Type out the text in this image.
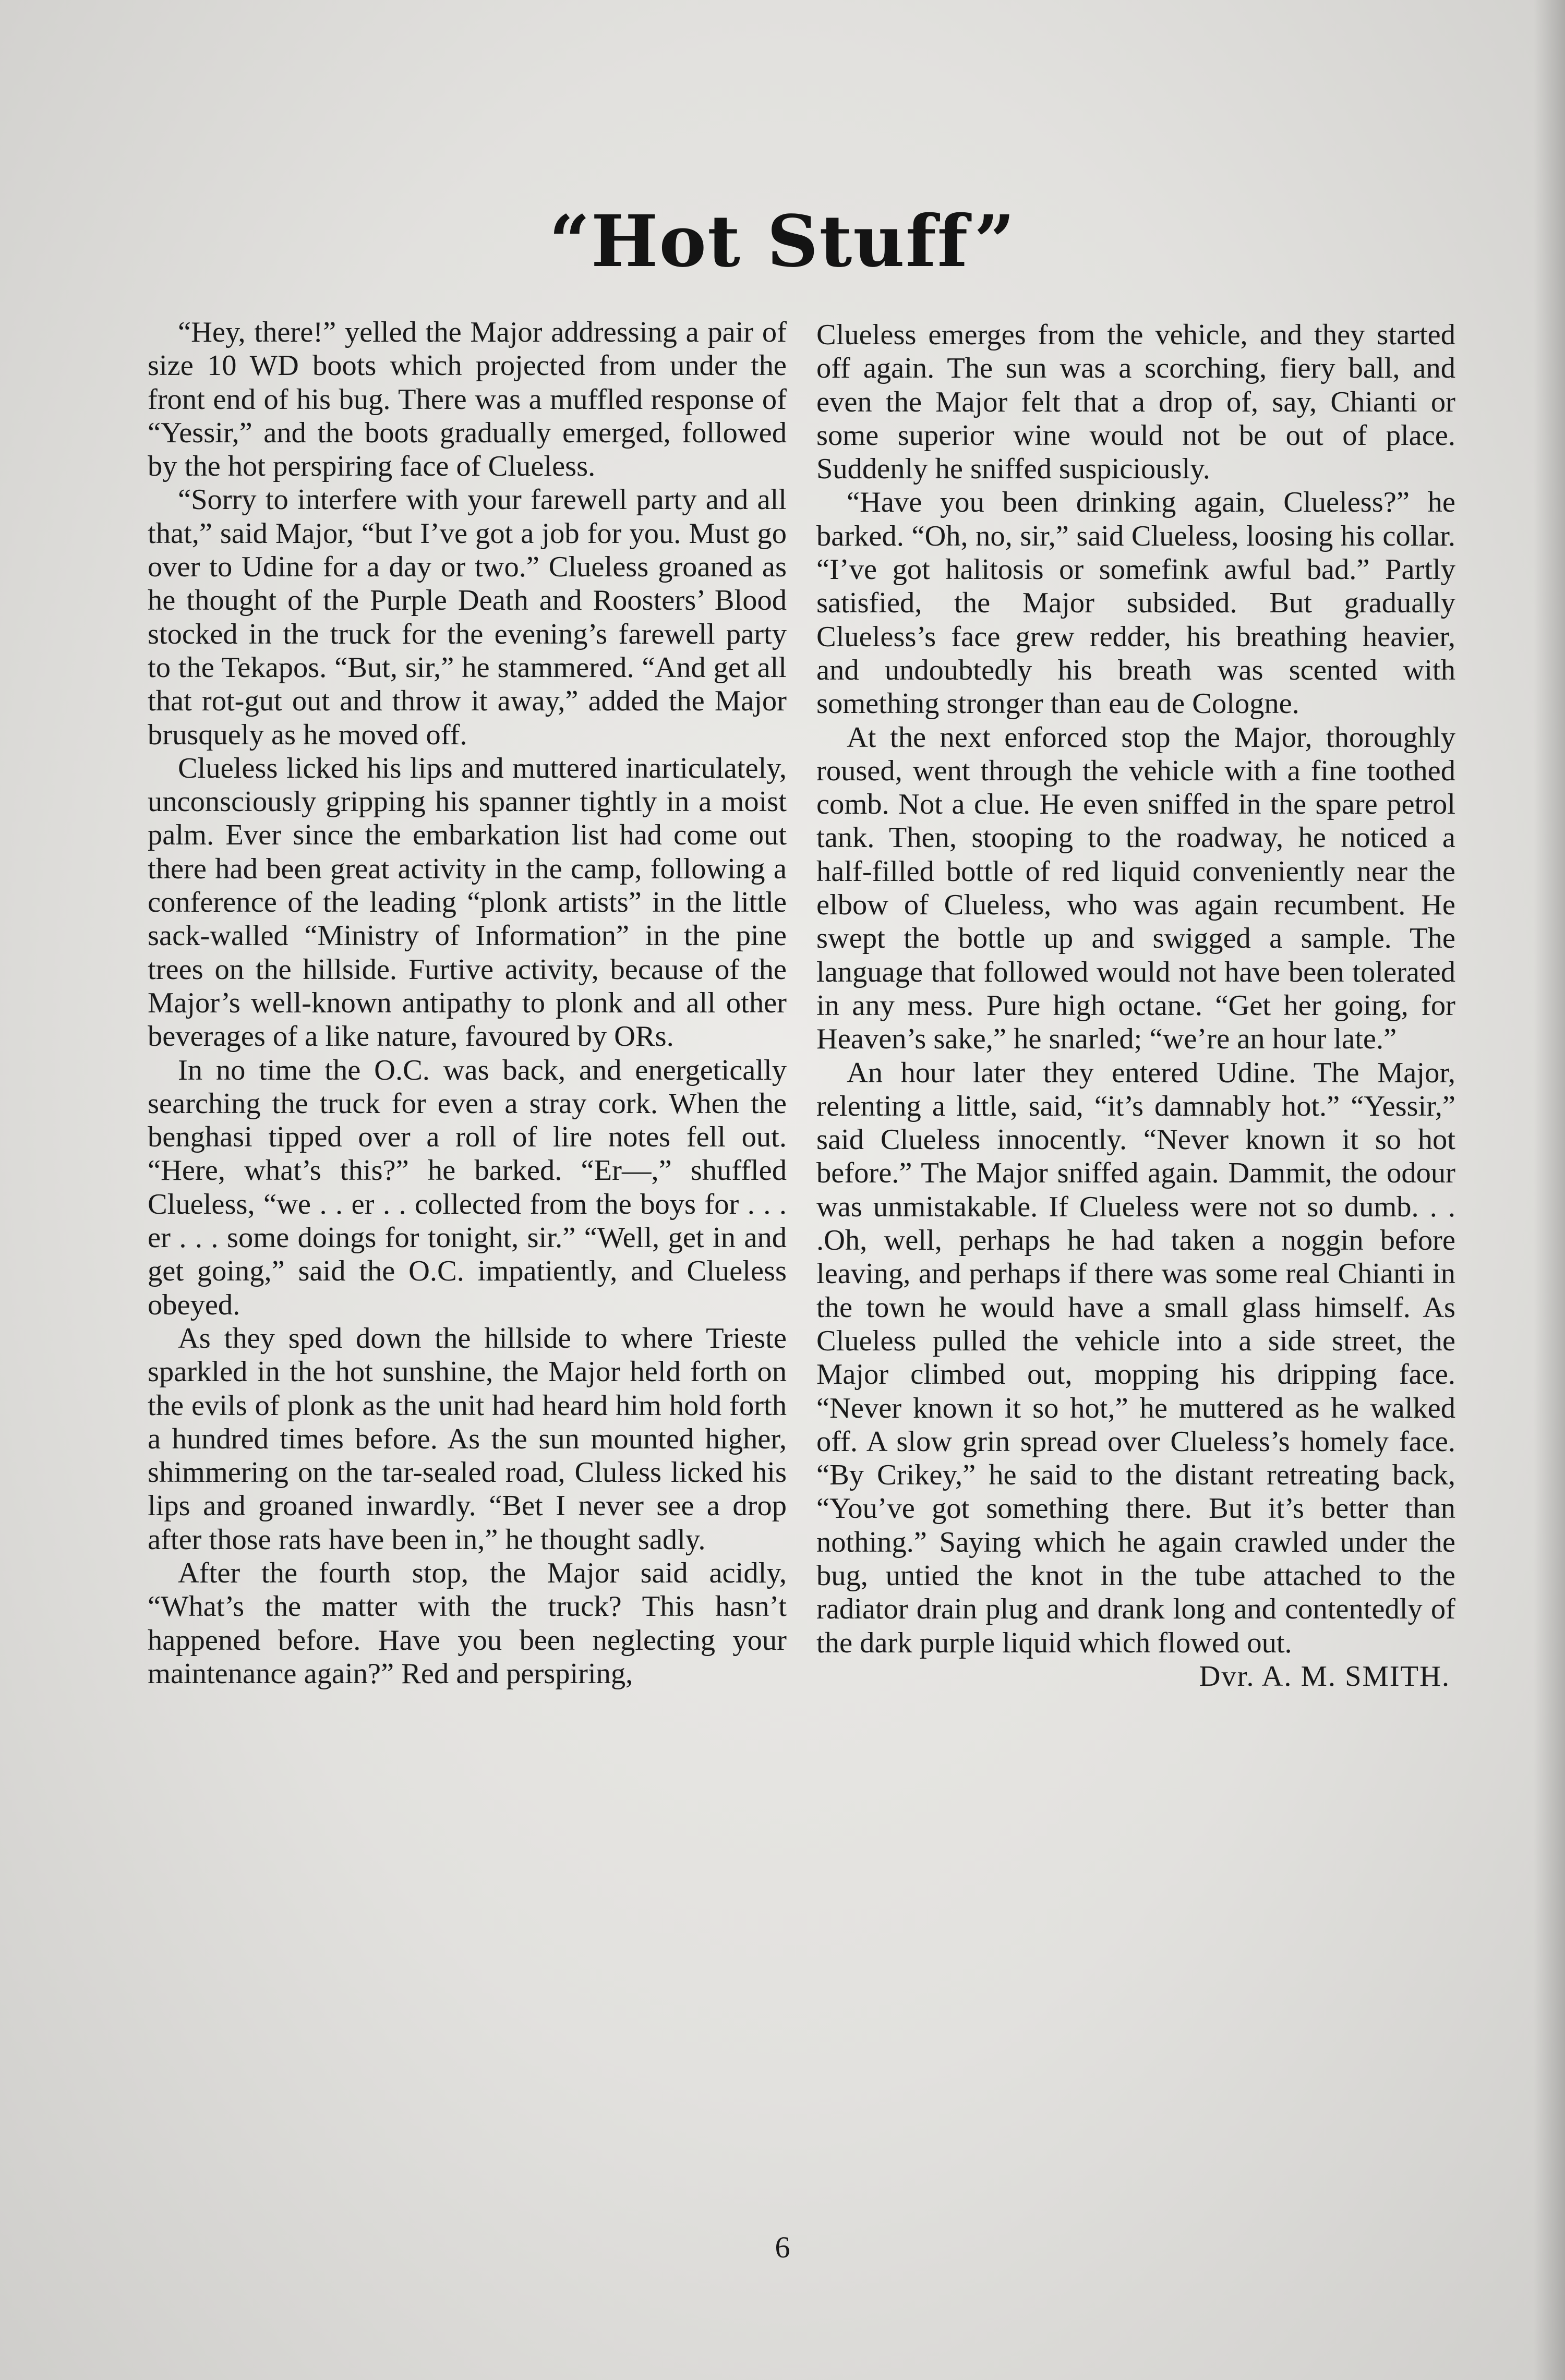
“Hot Stuff”

“Hey, there!” yelled the Major addressing a pair of size 10 WD boots which projected from under the front end of his bug. There was a muffled response of “Yessir,” and the boots gradually emerged, followed by the hot perspiring face of Clueless.

“Sorry to interfere with your farewell party and all that,” said Major, “but I’ve got a job for you. Must go over to Udine for a day or two.” Clueless groaned as he thought of the Purple Death and Roosters’ Blood stocked in the truck for the evening’s farewell party to the Tekapos. “But, sir,” he stammered. “And get all that rot-gut out and throw it away,” added the Major brusquely as he moved off.

Clueless licked his lips and muttered inarticulately, unconsciously gripping his spanner tightly in a moist palm. Ever since the embarkation list had come out there had been great activity in the camp, following a conference of the leading “plonk artists” in the little sack-walled “Ministry of Information” in the pine trees on the hillside. Furtive activity, because of the Major’s well-known antipathy to plonk and all other beverages of a like nature, favoured by ORs.

In no time the O.C. was back, and energetically searching the truck for even a stray cork. When the benghasi tipped over a roll of lire notes fell out. “Here, what’s this?” he barked. “Er—,” shuffled Clueless, “we . . er . . collected from the boys for . . . er . . . some doings for tonight, sir.” “Well, get in and get going,” said the O.C. impatiently, and Clueless obeyed.

As they sped down the hillside to where Trieste sparkled in the hot sunshine, the Major held forth on the evils of plonk as the unit had heard him hold forth a hundred times before. As the sun mounted higher, shimmering on the tar-sealed road, Cluless licked his lips and groaned inwardly. “Bet I never see a drop after those rats have been in,” he thought sadly.

After the fourth stop, the Major said acidly, “What’s the matter with the truck? This hasn’t happened before. Have you been neglecting your maintenance again?” Red and perspiring,

Clueless emerges from the vehicle, and they started off again. The sun was a scorching, fiery ball, and even the Major felt that a drop of, say, Chianti or some superior wine would not be out of place. Suddenly he sniffed suspiciously.

“Have you been drinking again, Clueless?” he barked. “Oh, no, sir,” said Clueless, loosing his collar. “I’ve got halitosis or somefink awful bad.” Partly satisfied, the Major subsided. But gradually Clueless’s face grew redder, his breathing heavier, and undoubtedly his breath was scented with something stronger than eau de Cologne.

At the next enforced stop the Major, thoroughly roused, went through the vehicle with a fine toothed comb. Not a clue. He even sniffed in the spare petrol tank. Then, stooping to the roadway, he noticed a half-filled bottle of red liquid conveniently near the elbow of Clueless, who was again recumbent. He swept the bottle up and swigged a sample. The language that followed would not have been tolerated in any mess. Pure high octane. “Get her going, for Heaven’s sake,” he snarled; “we’re an hour late.”

An hour later they entered Udine. The Major, relenting a little, said, “it’s damnably hot.” “Yessir,” said Clueless innocently. “Never known it so hot before.” The Major sniffed again. Dammit, the odour was unmistakable. If Clueless were not so dumb. . . .Oh, well, perhaps he had taken a noggin before leaving, and perhaps if there was some real Chianti in the town he would have a small glass himself. As Clueless pulled the vehicle into a side street, the Major climbed out, mopping his dripping face. “Never known it so hot,” he muttered as he walked off. A slow grin spread over Clueless’s homely face. “By Crikey,” he said to the distant retreating back, “You’ve got something there. But it’s better than nothing.” Saying which he again crawled under the bug, untied the knot in the tube attached to the radiator drain plug and drank long and contentedly of the dark purple liquid which flowed out.

Dvr. A. M. SMITH.

6
